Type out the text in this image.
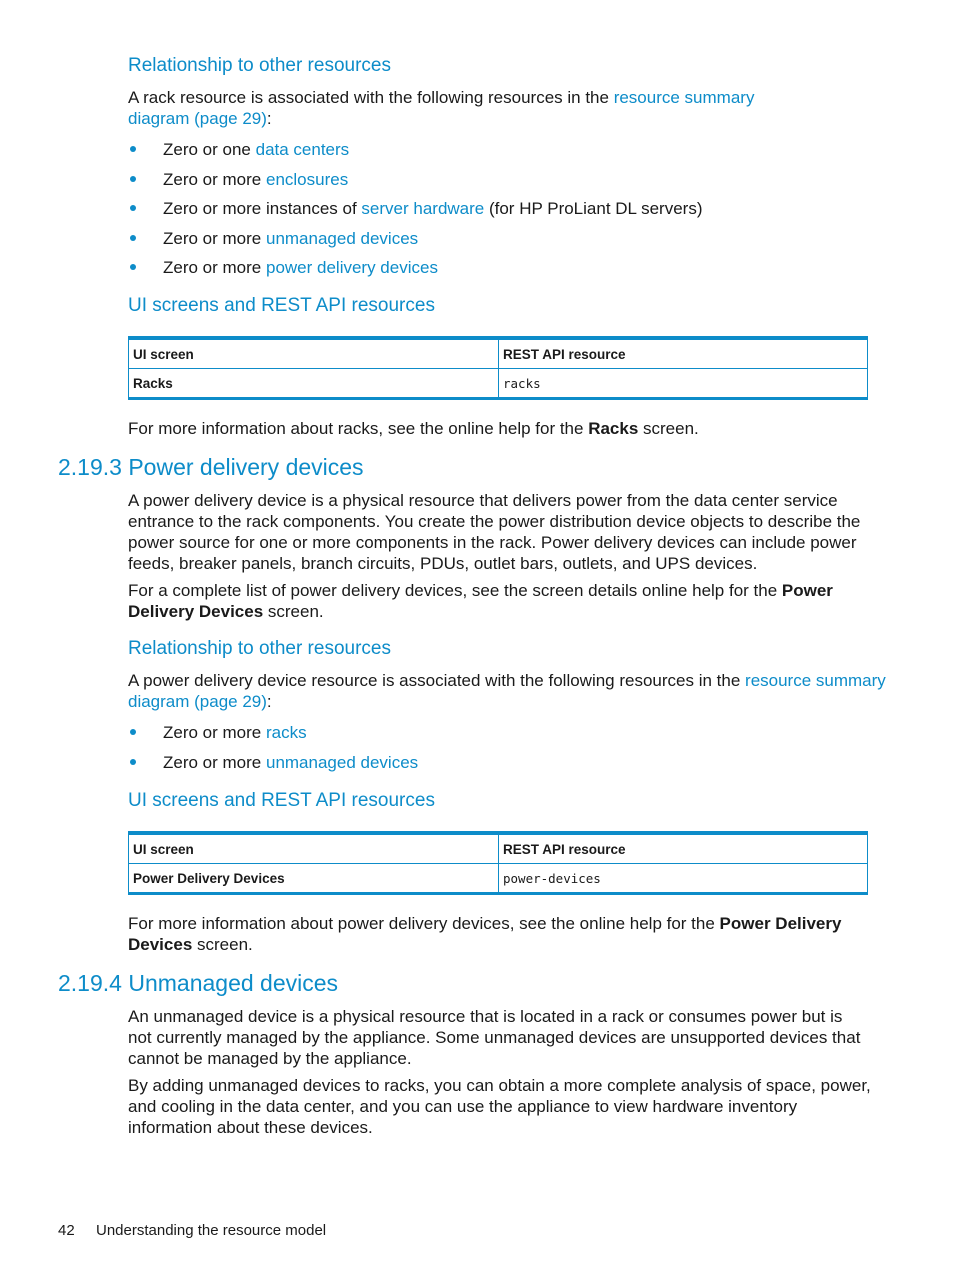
Relationship to other resources

A rack resource is associated with the following resources in the resource summary
diagram (page 29):

Zero or one data centers
Zero or more enclosures
Zero or more instances of server hardware (for HP ProLiant DL servers)
Zero or more unmanaged devices
Zero or more power delivery devices
UI screens and REST API resources
UI screen	REST API resource
Racks	racks

For more information about racks, see the online help for the Racks screen.

2.19.3 Power delivery devices

A power delivery device is a physical resource that delivers power from the data center service
entrance to the rack components. You create the power distribution device objects to describe the
power source for one or more components in the rack. Power delivery devices can include power
feeds, breaker panels, branch circuits, PDUs, outlet bars, outlets, and UPS devices.

For a complete list of power delivery devices, see the screen details online help for the Power
Delivery Devices screen.

Relationship to other resources

A power delivery device resource is associated with the following resources in the resource summary
diagram (page 29):

Zero or more racks
Zero or more unmanaged devices
UI screens and REST API resources
UI screen	REST API resource
Power Delivery Devices	power-devices

For more information about power delivery devices, see the online help for the Power Delivery
Devices screen.

2.19.4 Unmanaged devices

An unmanaged device is a physical resource that is located in a rack or consumes power but is
not currently managed by the appliance. Some unmanaged devices are unsupported devices that
cannot be managed by the appliance.

By adding unmanaged devices to racks, you can obtain a more complete analysis of space, power,
and cooling in the data center, and you can use the appliance to view hardware inventory
information about these devices.

42 Understanding the resource model
